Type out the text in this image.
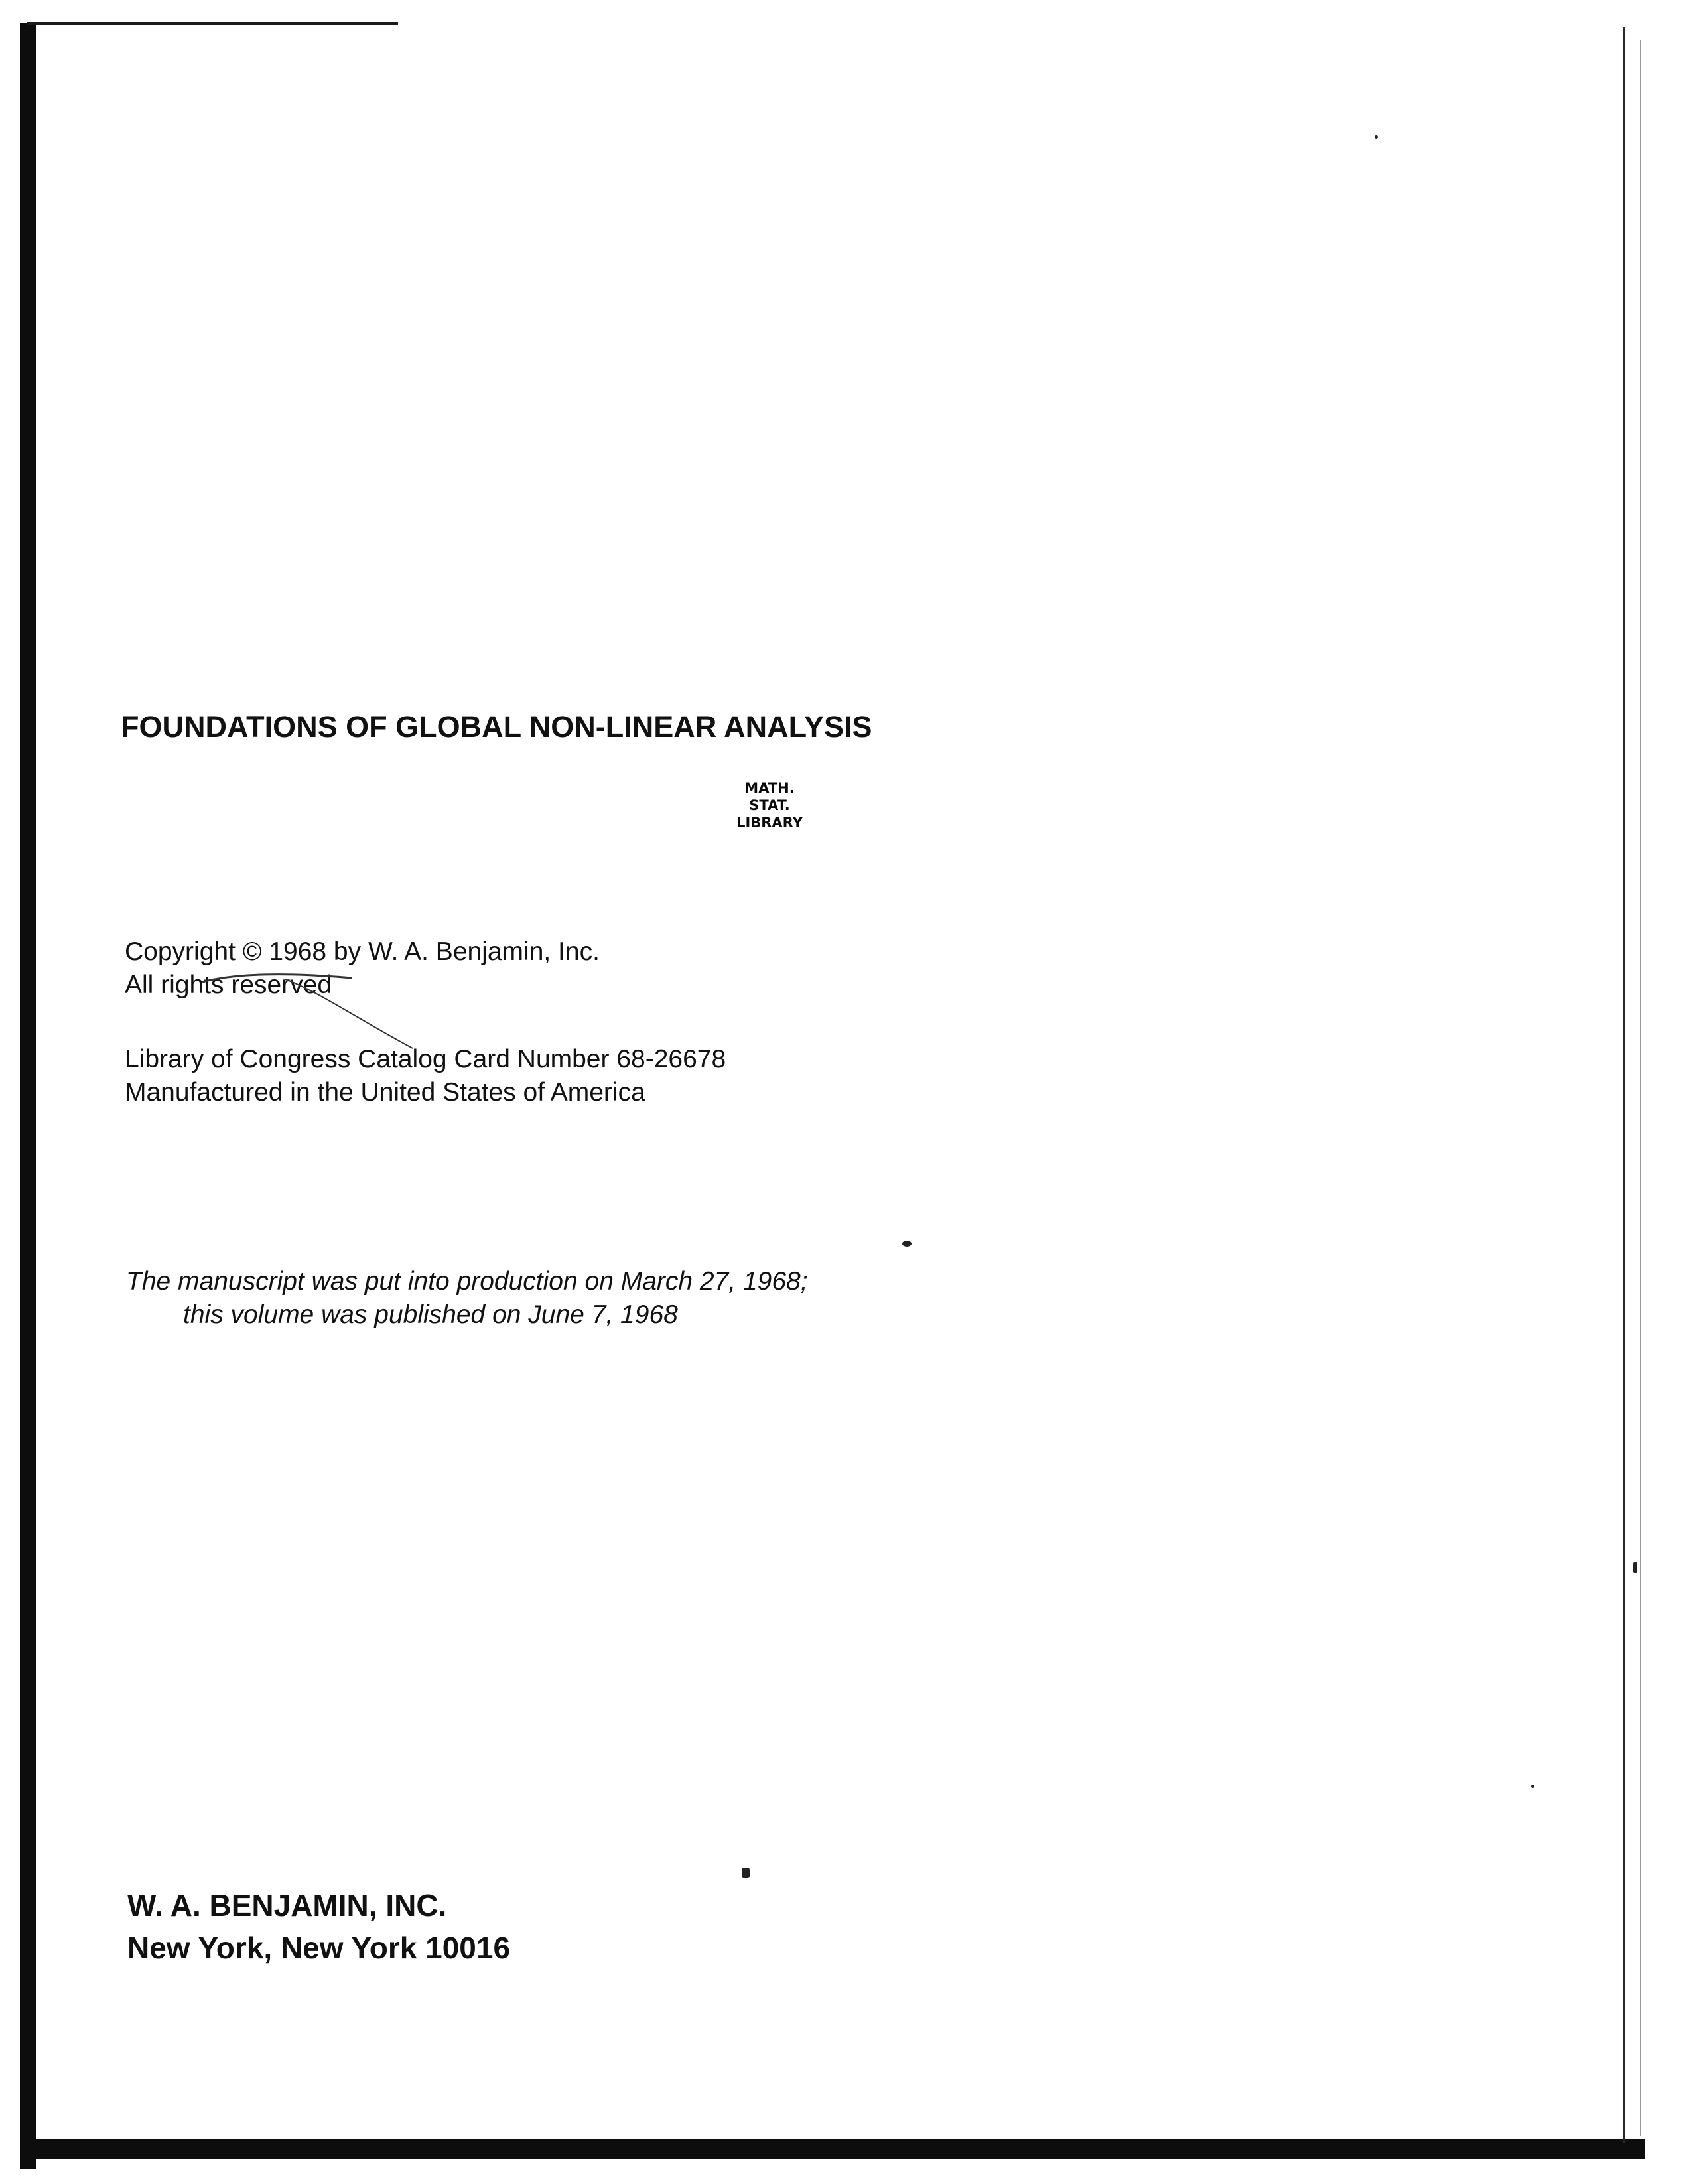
FOUNDATIONS OF GLOBAL NON-LINEAR ANALYSIS
MATH.
STAT.
LIBRARY
Copyright © 1968 by W. A. Benjamin, Inc.
All rights reserved
Library of Congress Catalog Card Number 68-26678
Manufactured in the United States of America
The manuscript was put into production on March 27, 1968;
this volume was published on June 7, 1968
W. A. BENJAMIN, INC.
New York, New York 10016
